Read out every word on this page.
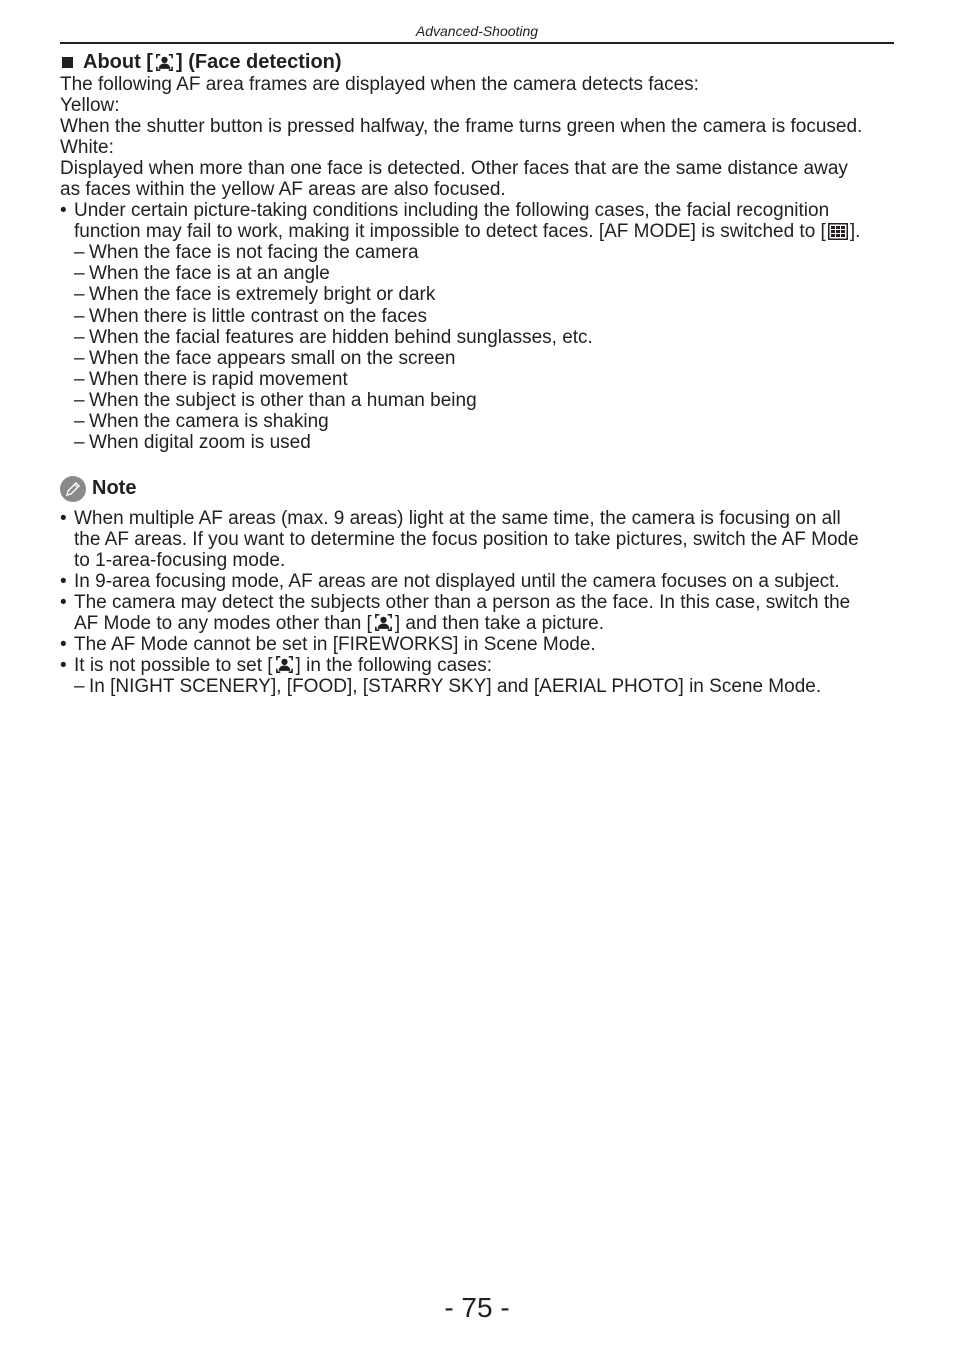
Advanced-Shooting
About [ ] (Face detection)

The following AF area frames are displayed when the camera detects faces:

Yellow:

When the shutter button is pressed halfway, the frame turns green when the camera is focused.

White:

Displayed when more than one face is detected. Other faces that are the same distance away

as faces within the yellow AF areas are also focused.

• Under certain picture-taking conditions including the following cases, the facial recognition
function may fail to work, making it impossible to detect faces. [AF MODE] is switched to [ ].
– When the face is not facing the camera
– When the face is at an angle
– When the face is extremely bright or dark
– When there is little contrast on the faces
– When the facial features are hidden behind sunglasses, etc.
– When the face appears small on the screen
– When there is rapid movement
– When the subject is other than a human being
– When the camera is shaking
– When digital zoom is used
Note
• When multiple AF areas (max. 9 areas) light at the same time, the camera is focusing on all
the AF areas. If you want to determine the focus position to take pictures, switch the AF Mode
to 1-area-focusing mode.
• In 9-area focusing mode, AF areas are not displayed until the camera focuses on a subject.
• The camera may detect the subjects other than a person as the face. In this case, switch the
AF Mode to any modes other than [ ] and then take a picture.
• The AF Mode cannot be set in [FIREWORKS] in Scene Mode.
• It is not possible to set [ ] in the following cases:
– In [NIGHT SCENERY], [FOOD], [STARRY SKY] and [AERIAL PHOTO] in Scene Mode.
- 75 -
